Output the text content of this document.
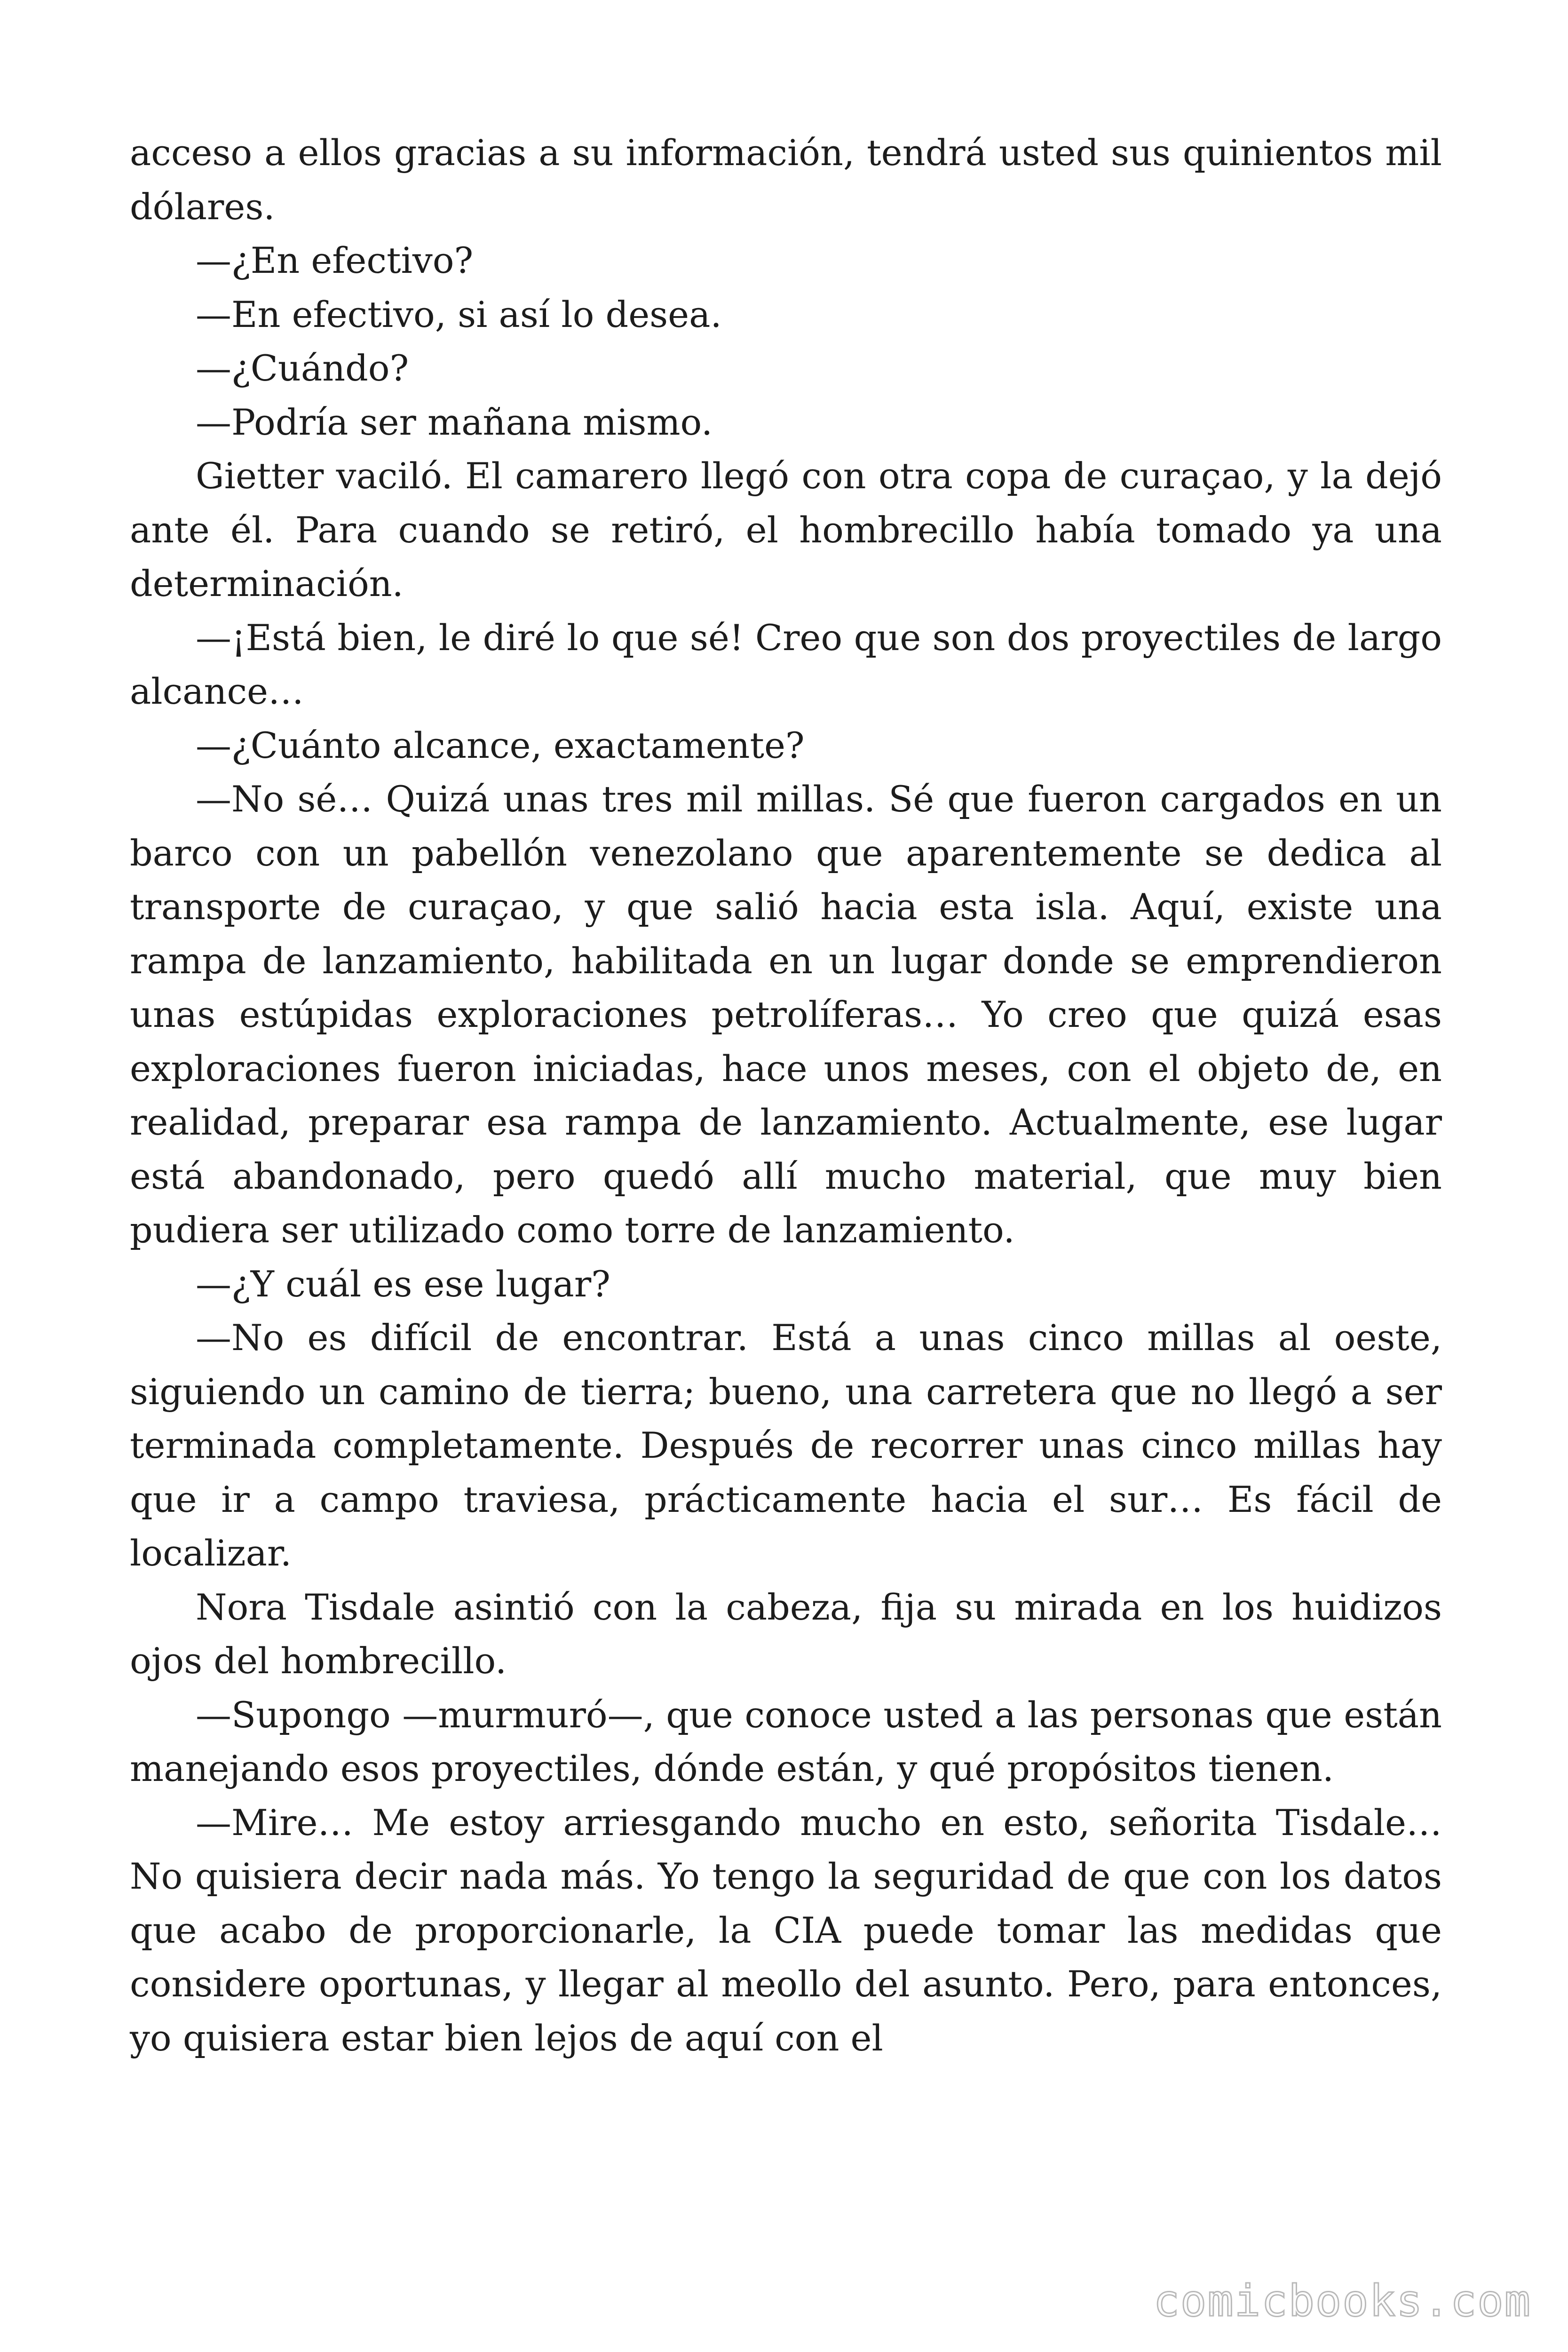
acceso a ellos gracias a su información, tendrá usted sus quinientos mil dólares.

—¿En efectivo?

—En efectivo, si así lo desea.

—¿Cuándo?

—Podría ser mañana mismo.

Gietter vaciló. El camarero llegó con otra copa de curaçao, y la dejó ante él. Para cuando se retiró, el hombrecillo había tomado ya una determinación.

—¡Está bien, le diré lo que sé! Creo que son dos proyectiles de largo alcance…

—¿Cuánto alcance, exactamente?

—No sé… Quizá unas tres mil millas. Sé que fueron cargados en un barco con un pabellón venezolano que aparentemente se dedica al transporte de curaçao, y que salió hacia esta isla. Aquí, existe una rampa de lanzamiento, habilitada en un lugar donde se emprendieron unas estúpidas exploraciones petrolíferas… Yo creo que quizá esas exploraciones fueron iniciadas, hace unos meses, con el objeto de, en realidad, preparar esa rampa de lanzamiento. Actualmente, ese lugar está abandonado, pero quedó allí mucho material, que muy bien pudiera ser utilizado como torre de lanzamiento.

—¿Y cuál es ese lugar?

—No es difícil de encontrar. Está a unas cinco millas al oeste, siguiendo un camino de tierra; bueno, una carretera que no llegó a ser terminada completamente. Después de recorrer unas cinco millas hay que ir a campo traviesa, prácticamente hacia el sur… Es fácil de localizar.

Nora Tisdale asintió con la cabeza, fija su mirada en los huidizos ojos del hombrecillo.

—Supongo —murmuró—, que conoce usted a las personas que están manejando esos proyectiles, dónde están, y qué propósitos tienen.

—Mire… Me estoy arriesgando mucho en esto, señorita Tisdale… No quisiera decir nada más. Yo tengo la seguridad de que con los datos que acabo de proporcionarle, la CIA puede tomar las medidas que considere oportunas, y llegar al meollo del asunto. Pero, para entonces, yo quisiera estar bien lejos de aquí con el

comicbooks.com
